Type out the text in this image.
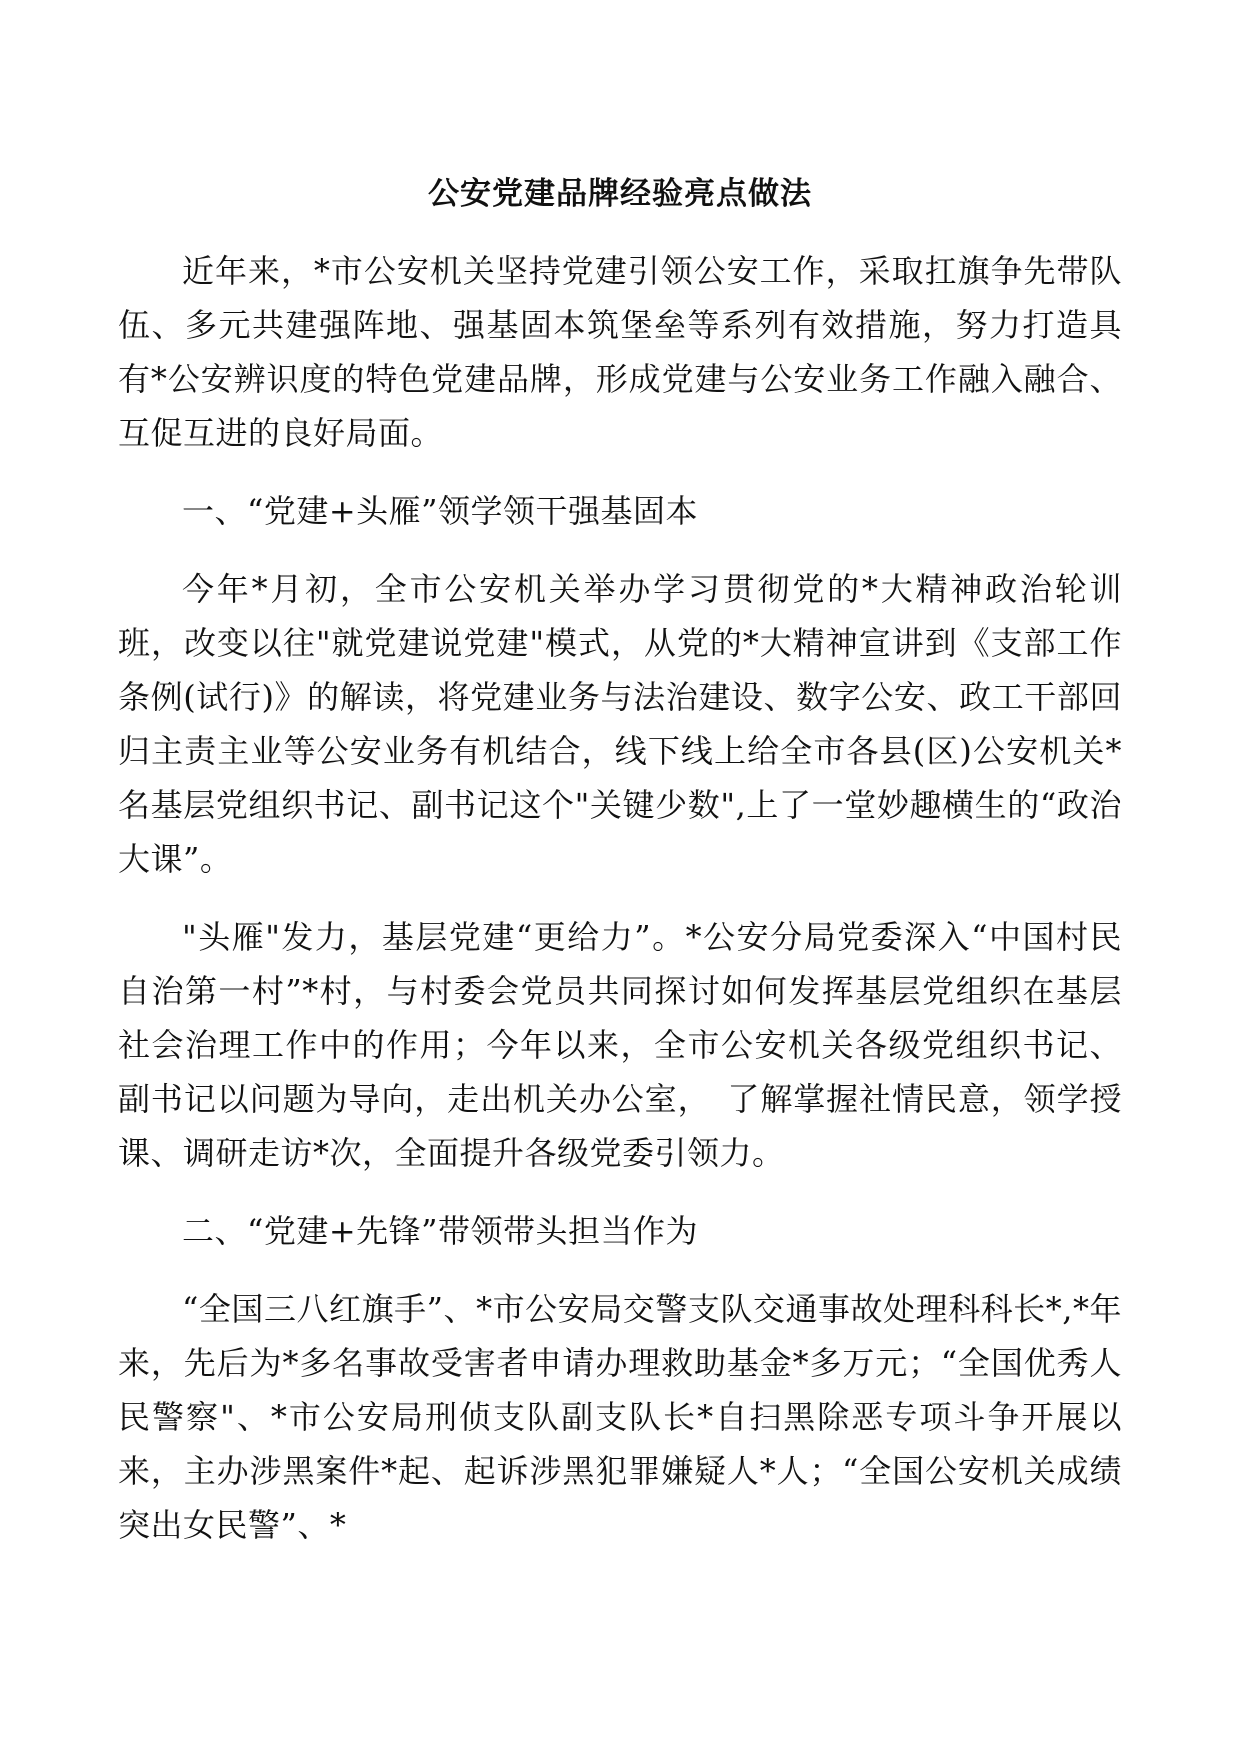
公安党建品牌经验亮点做法

近年来，*市公安机关坚持党建引领公安工作，采取扛旗争先带队伍、多元共建强阵地、强基固本筑堡垒等系列有效措施，努力打造具有*公安辨识度的特色党建品牌，形成党建与公安业务工作融入融合、互促互进的良好局面。

一、“党建+头雁”领学领干强基固本

今年*月初，全市公安机关举办学习贯彻党的*大精神政治轮训班，改变以往"就党建说党建"模式，从党的*大精神宣讲到《支部工作条例(试行)》的解读，将党建业务与法治建设、数字公安、政工干部回归主责主业等公安业务有机结合，线下线上给全市各县(区)公安机关*名基层党组织书记、副书记这个"关键少数",上了一堂妙趣横生的“政治大课”。

"头雁"发力，基层党建“更给力”。*公安分局党委深入“中国村民自治第一村”*村，与村委会党员共同探讨如何发挥基层党组织在基层社会治理工作中的作用；今年以来，全市公安机关各级党组织书记、副书记以问题为导向，走出机关办公室，　了解掌握社情民意，领学授课、调研走访*次，全面提升各级党委引领力。

二、“党建+先锋”带领带头担当作为

“全国三八红旗手”、*市公安局交警支队交通事故处理科科长*,*年来，先后为*多名事故受害者申请办理救助基金*多万元；“全国优秀人民警察"、*市公安局刑侦支队副支队长*自扫黑除恶专项斗争开展以来，主办涉黑案件*起、起诉涉黑犯罪嫌疑人*人；“全国公安机关成绩突出女民警”、*
